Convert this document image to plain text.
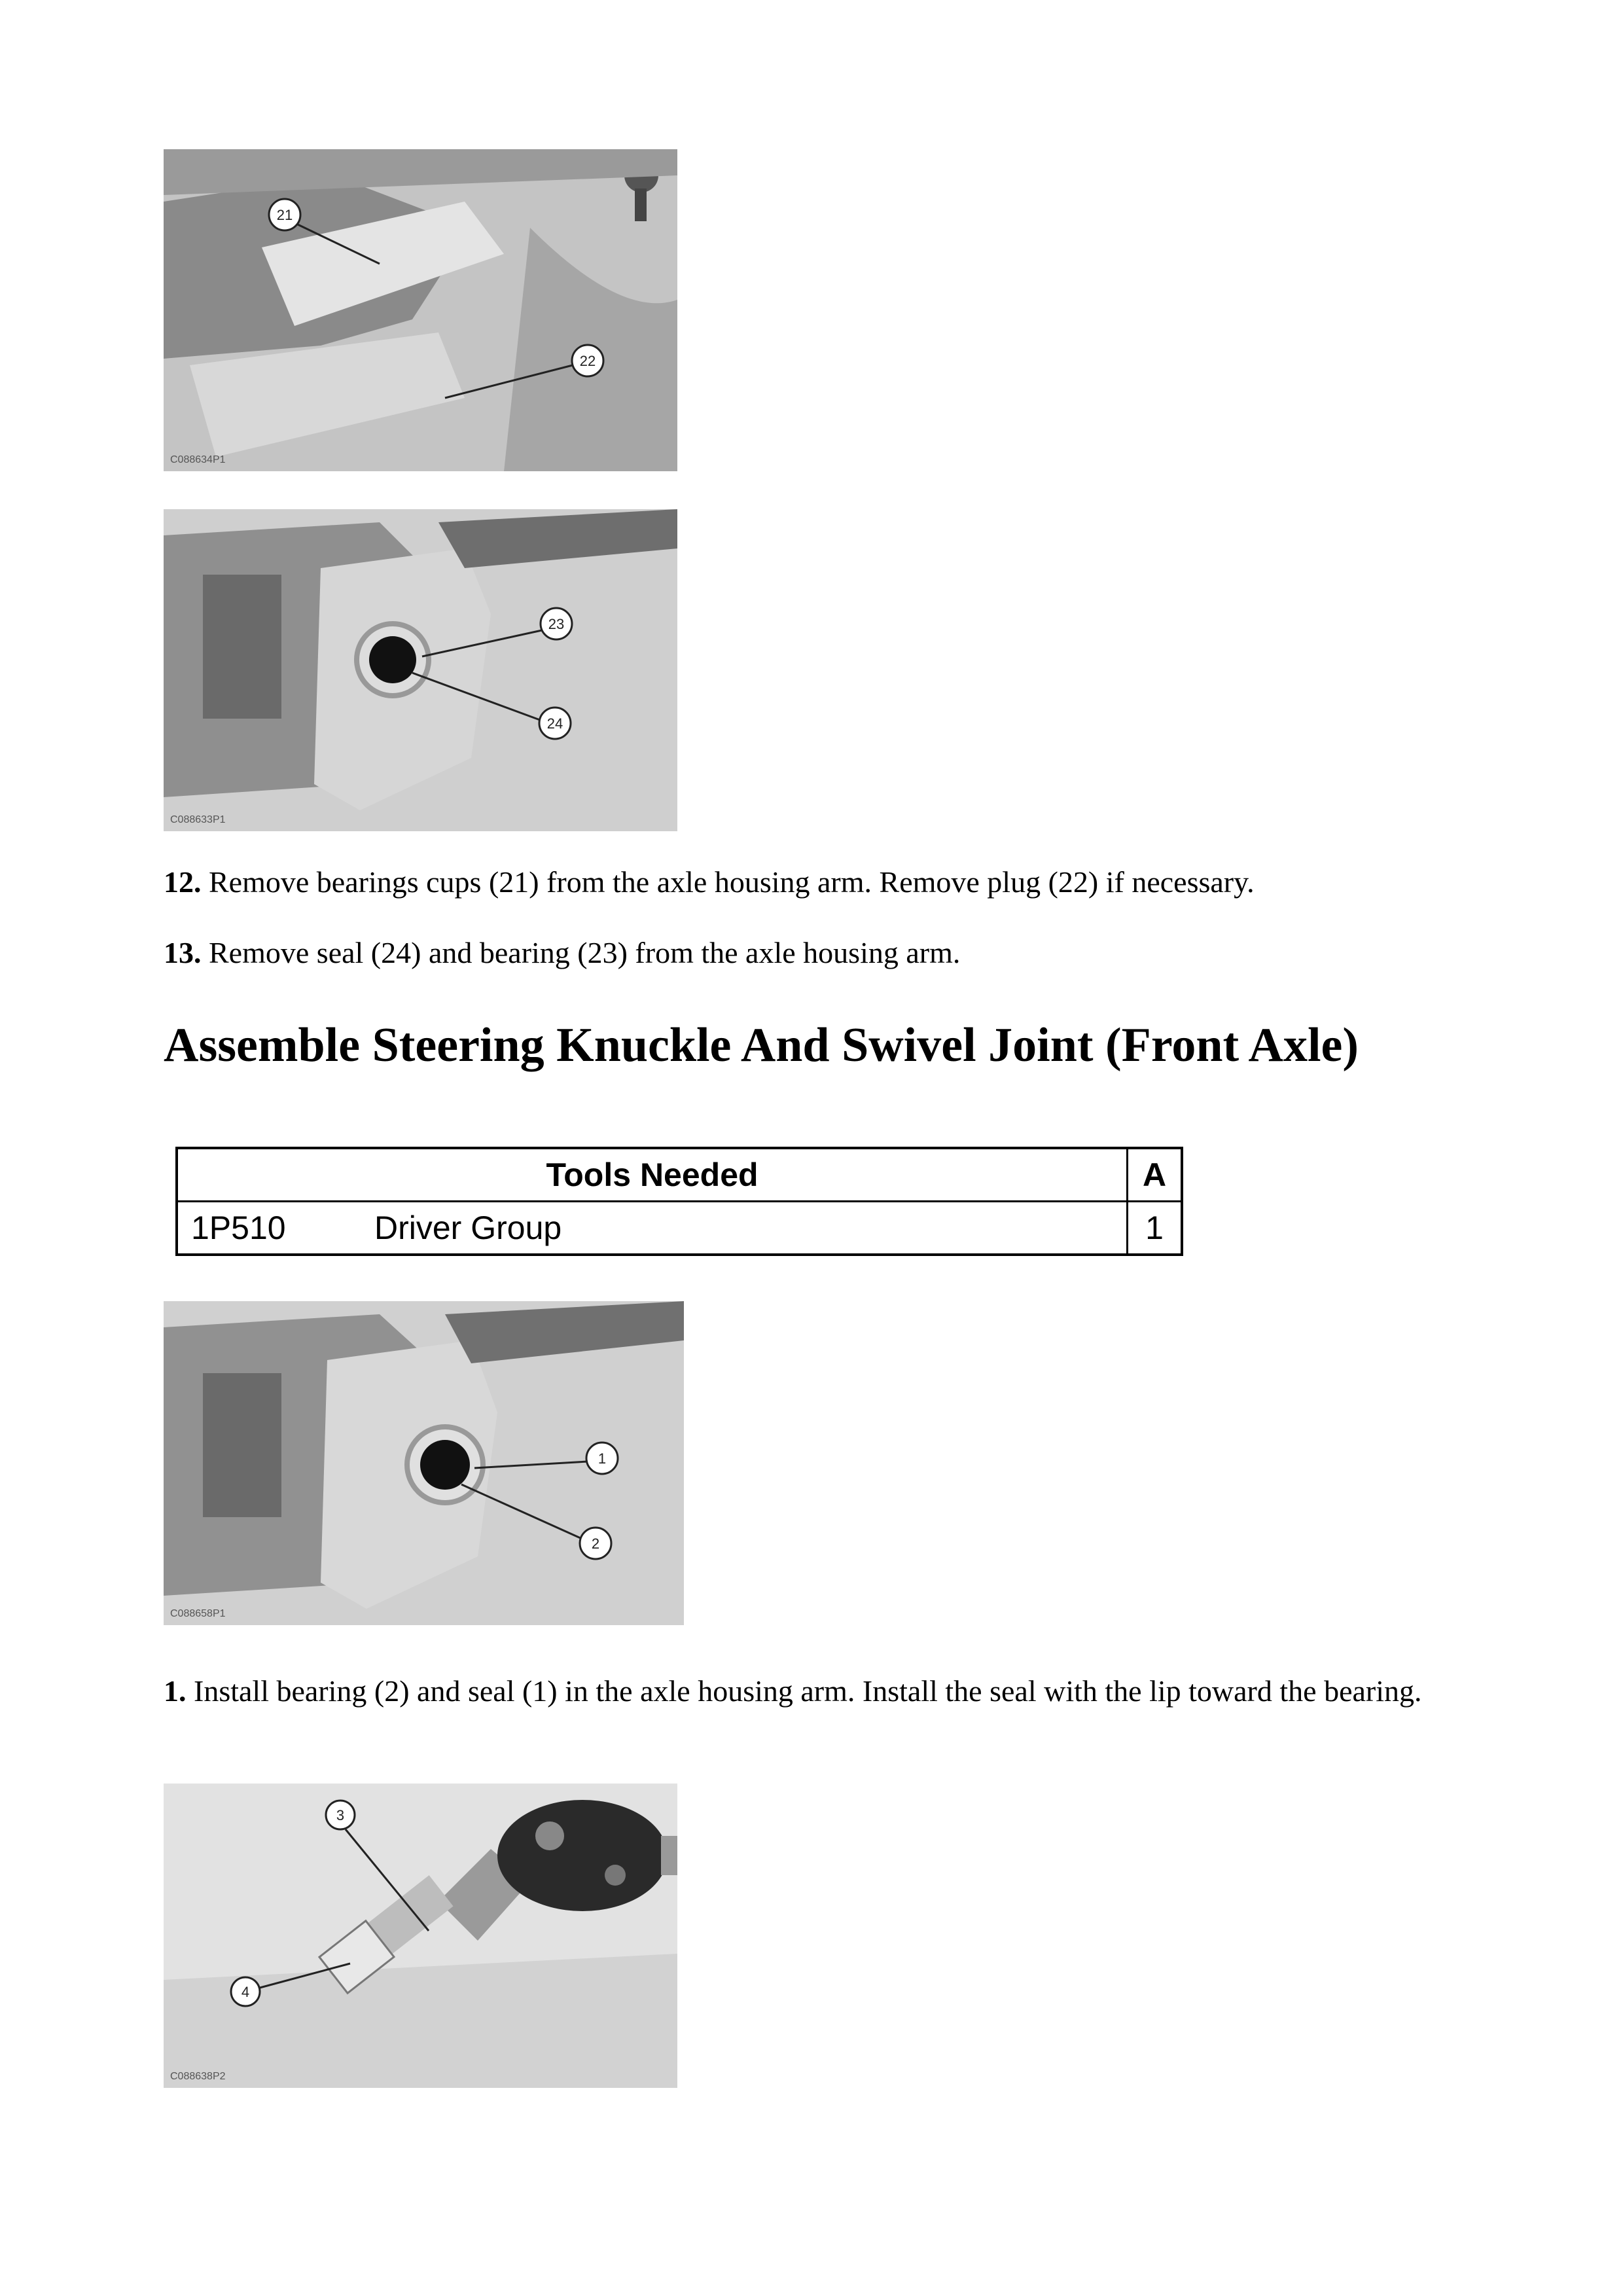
21
22
C088634P1
23
24
C088633P1

12. Remove bearings cups (21) from the axle housing arm. Remove plug (22) if necessary.

13. Remove seal (24) and bearing (23) from the axle housing arm.

Assemble Steering Knuckle And Swivel Joint (Front Axle)
Tools Needed		A
1P510	Driver Group	1
1
2
C088658P1

1. Install bearing (2) and seal (1) in the axle housing arm. Install the seal with the lip toward the bearing.

3
4
C088638P2
